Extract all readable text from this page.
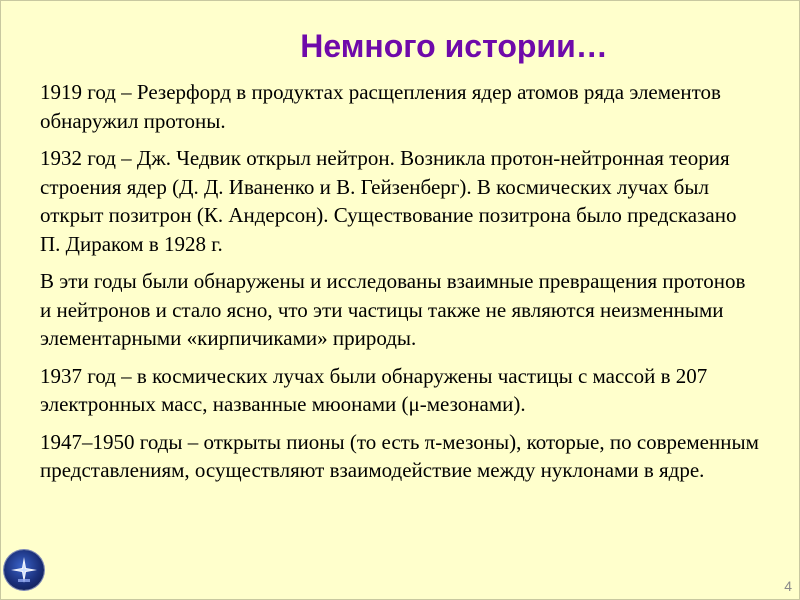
Немного истории…

1919 год – Резерфорд в продуктах расщепления ядер атомов ряда элементов обнаружил протоны.

1932 год – Дж. Чедвик открыл нейтрон. Возникла протон-нейтронная теория строения ядер (Д. Д. Иваненко и В. Гейзенберг). В космических лучах был открыт позитрон (К. Андерсон). Существование позитрона было предсказано П. Дираком в 1928 г.

В эти годы были обнаружены и исследованы взаимные превращения протонов и нейтронов и стало ясно, что эти частицы также не являются неизменными элементарными «кирпичиками» природы.

1937 год – в космических лучах были обнаружены частицы с массой в 207 электронных масс, названные мюонами (μ-мезонами).

1947–1950 годы – открыты пионы (то есть π-мезоны), которые, по современным представлениям, осуществляют взаимодействие между нуклонами в ядре.

4
